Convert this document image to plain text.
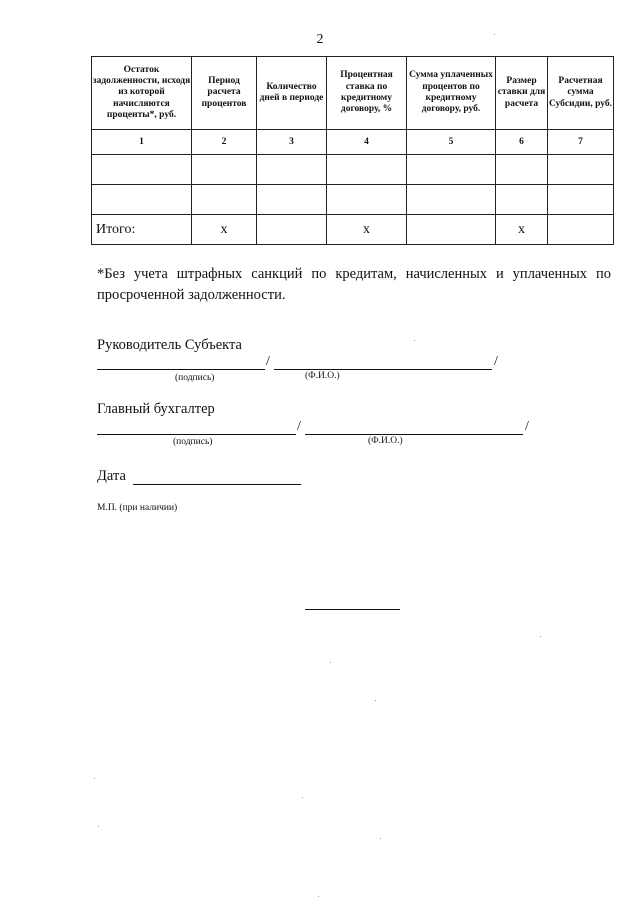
2
Остаток задолженности, исходя из которой начисляются проценты*, руб.	Период расчета процентов	Количество дней в периоде	Процентная ставка по кредитному договору, %	Сумма уплаченных процентов по кредитному договору, руб.	Размер ставки для расчета	Расчетная сумма Субсидии, руб.
1	2	3	4	5	6	7

Итого:	x		x		x	
*Без учета штрафных санкций по кредитам, начисленных и уплаченных по просроченной задолженности.
Руководитель Субъекта
/	/
(подпись)	(Ф.И.О.)
Главный бухгалтер
/	/
(подпись)	(Ф.И.О.)
Дата
М.П. (при наличии)
